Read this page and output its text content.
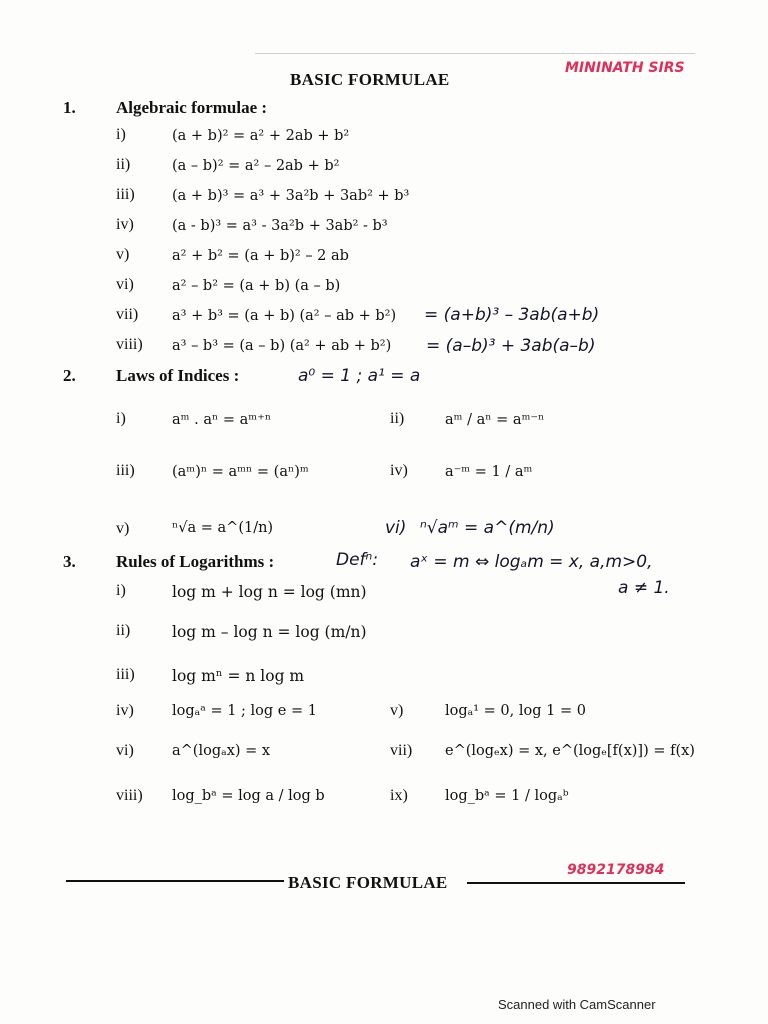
BASIC FORMULAE
MININATH SIRS
1. Algebraic formulae :
i)	(a + b)² = a² + 2ab + b²
ii)	(a – b)² = a² – 2ab + b²
iii)	(a + b)³ = a³ + 3a²b + 3ab² + b³
iv)	(a - b)³ = a³ - 3a²b + 3ab² - b³
v)	a² + b² = (a + b)² – 2 ab
vi)	a² – b² = (a + b) (a – b)
vii) a³ + b³ = (a + b) (a² – ab + b²) = (a+b)³ – 3ab(a+b)
viii) a³ – b³ = (a – b) (a² + ab + b²) = (a–b)³ + 3ab(a–b)
2. Laws of Indices :	a⁰ = 1 ; a¹ = a
i)	aᵐ . aⁿ = aᵐ⁺ⁿ	ii)	aᵐ / aⁿ = aᵐ⁻ⁿ
iii)	(aᵐ)ⁿ = aᵐⁿ = (aⁿ)ᵐ	iv)	a⁻ᵐ = 1 / aᵐ
v)	ⁿ√a = a^(1/n)	vi) ⁿ√aᵐ = a^(m/n)
3. Rules of Logarithms :	Defⁿ: aˣ = m ⇔ logₐm = x, a,m>0,
a ≠ 1.
i)	log m + log n = log (mn)
ii)	log m – log n = log (m/n)
iii) log mⁿ = n log m
iv)	logₐᵃ = 1 ; log e = 1	v)	logₐ¹ = 0, log 1 = 0
vi)	a^(logₐx) = x	vii) e^(logₑx) = x, e^(logₑ[f(x)]) = f(x)
viii) log_bᵃ = log a / log b	ix)	log_bᵃ = 1 / logₐᵇ
BASIC FORMULAE
9892178984
Scanned with CamScanner
